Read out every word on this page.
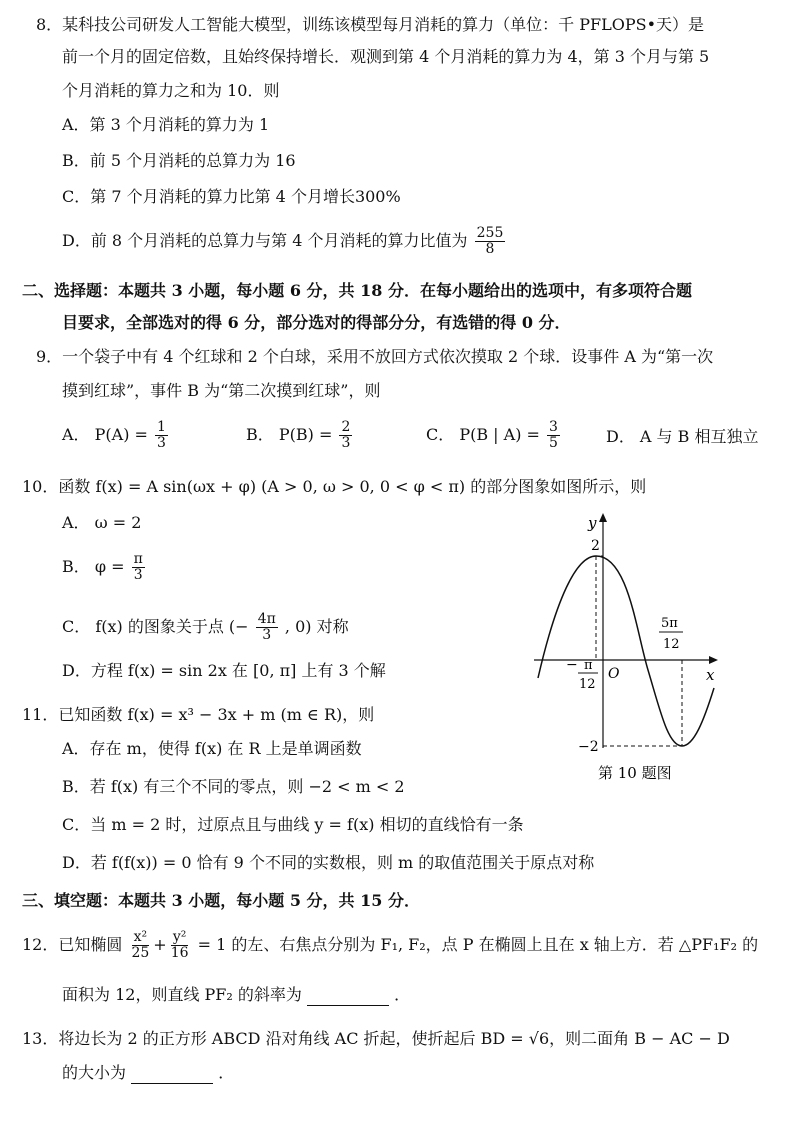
8．某科技公司研发人工智能大模型，训练该模型每月消耗的算力（单位：千 PFLOPS•天）是
前一个月的固定倍数，且始终保持增长．观测到第 4 个月消耗的算力为 4，第 3 个月与第 5
个月消耗的算力之和为 10．则
A．第 3 个月消耗的算力为 1
B．前 5 个月消耗的总算力为 16
C．第 7 个月消耗的算力比第 4 个月增长300%
D．前 8 个月消耗的总算力与第 4 个月消耗的算力比值为 $\frac{255}{8}$
二、选择题：本题共 3 小题，每小题 6 分，共 18 分．在每小题给出的选项中，有多项符合题
目要求，全部选对的得 6 分，部分选对的得部分分，有选错的得 0 分．
9．一个袋子中有 4 个红球和 2 个白球，采用不放回方式依次摸取 2 个球．设事件 A 为“第一次
摸到红球”，事件 B 为“第二次摸到红球”，则
A． $P(A) = \frac{1}{3}$	B． $P(B) = \frac{2}{3}$	C． P(B | $A) = \frac{3}{5}$	D． A 与 B 相互独立
10．函数 f(x) = A sin(ωx + φ) (A > 0, ω > 0, 0 < φ < π) 的部分图象如图所示，则
A． ω = 2
B． $\varphi = \frac{\pi}{3}$
C． f(x) 的图象关于点 (− $\frac{4\pi}{3}$ , 0) 对称
D．方程 f(x) = sin 2x 在 [0, π] 上有 3 个解
y
x
O
2
−2
− π
12
5π
12
第 10 题图
11．已知函数 f(x) = x³ − 3x + m (m ∈ R)，则
A．存在 m，使得 f(x) 在 R 上是单调函数
B．若 f(x) 有三个不同的零点，则 −2 < m < 2
C．当 m = 2 时，过原点且与曲线 y = f(x) 相切的直线恰有一条
D．若 f(f(x)) = 0 恰有 9 个不同的实数根，则 m 的取值范围关于原点对称
三、填空题：本题共 3 小题，每小题 5 分，共 15 分．
12．已知椭圆 $\frac{\text{x²}}{25} + \frac{\text{y²}}{16} = 1$ 的左、右焦点分别为 F₁, F₂，点 P 在椭圆上且在 x 轴上方．若 △PF₁F₂ 的
面积为 12，则直线 PF₂ 的斜率为	．
13．将边长为 2 的正方形 ABCD 沿对角线 AC 折起，使折起后 BD = √6，则二面角 B − AC − D
的大小为	．
